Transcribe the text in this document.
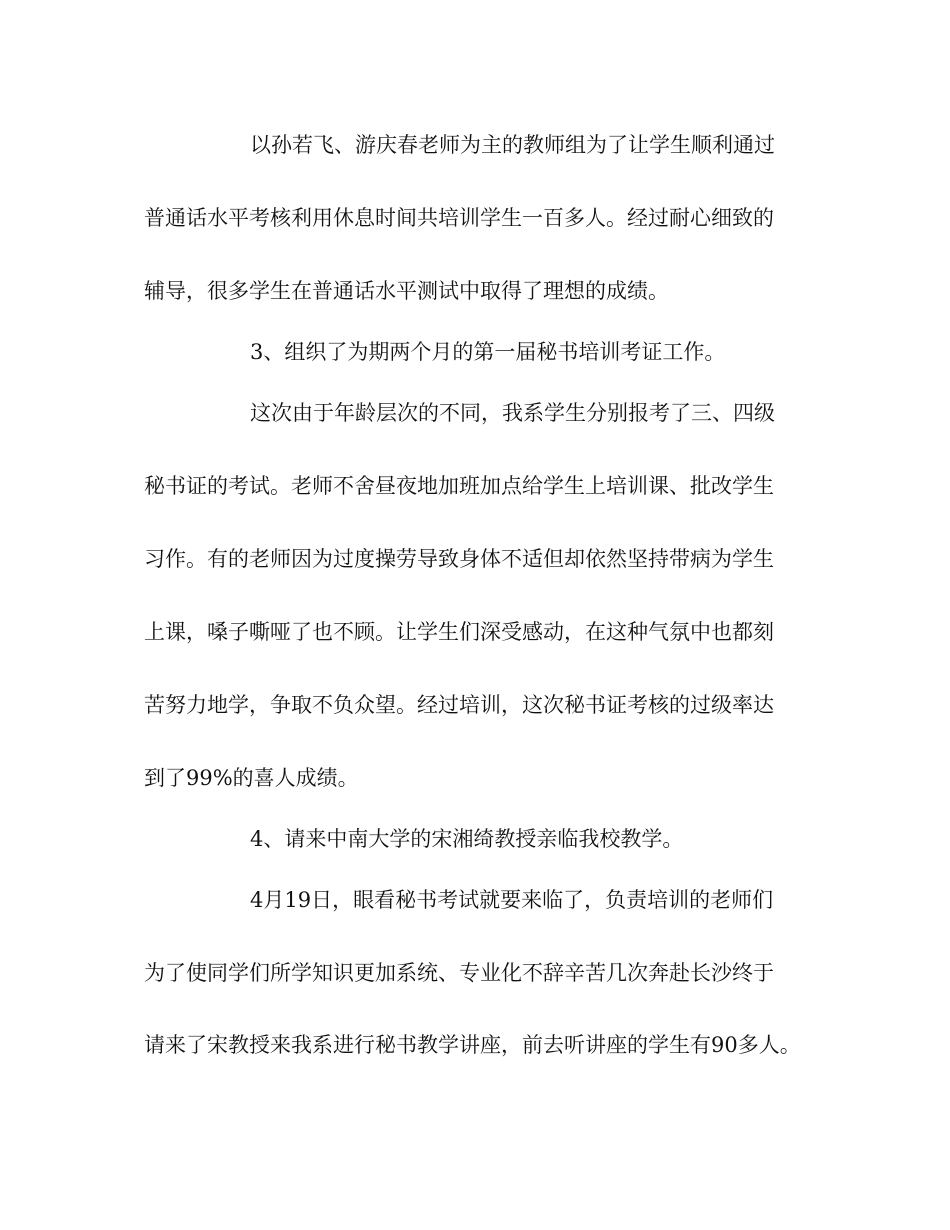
以孙若飞、游庆春老师为主的教师组为了让学生顺利通过
普通话水平考核利用休息时间共培训学生一百多人。经过耐心细致的
辅导，很多学生在普通话水平测试中取得了理想的成绩。
3、组织了为期两个月的第一届秘书培训考证工作。
这次由于年龄层次的不同，我系学生分别报考了三、四级
秘书证的考试。老师不舍昼夜地加班加点给学生上培训课、批改学生
习作。有的老师因为过度操劳导致身体不适但却依然坚持带病为学生
上课，嗓子嘶哑了也不顾。让学生们深受感动，在这种气氛中也都刻
苦努力地学，争取不负众望。经过培训，这次秘书证考核的过级率达
到了99%的喜人成绩。
4、请来中南大学的宋湘绮教授亲临我校教学。
4月19日，眼看秘书考试就要来临了，负责培训的老师们
为了使同学们所学知识更加系统、专业化不辞辛苦几次奔赴长沙终于
请来了宋教授来我系进行秘书教学讲座，前去听讲座的学生有90多人。
